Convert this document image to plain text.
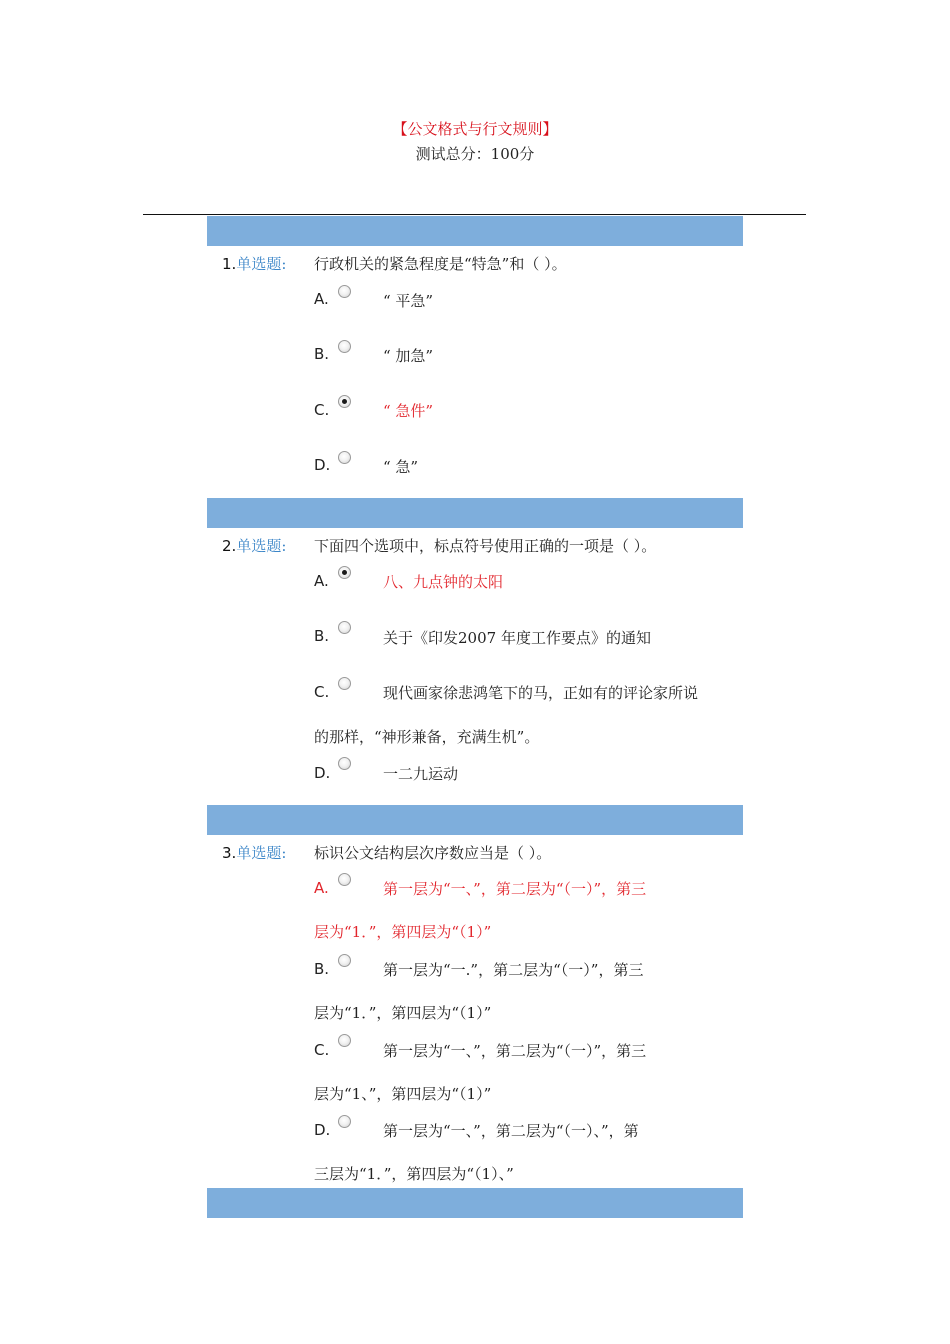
【公文格式与行文规则】
测试总分：100分
1.单选题: 行政机关的紧急程度是“特急”和（ ）。
A.	“ 平急”
B.	“ 加急”
C.	“ 急件”
D.	“ 急”
2.单选题: 下面四个选项中，标点符号使用正确的一项是（ ）。
A.	八、九点钟的太阳
B.	关于《印发2007 年度工作要点》的通知
C.	现代画家徐悲鸿笔下的马，正如有的评论家所说
的那样，“神形兼备，充满生机”。
D.	一二九运动
3.单选题: 标识公文结构层次序数应当是（ ）。
A.	第一层为“一、”，第二层为“（一）”，第三
层为“1．”，第四层为“（1）”
B.	第一层为“一.”，第二层为“（一）”，第三
层为“1．”，第四层为“（1）”
C.	第一层为“一、”，第二层为“（一）”，第三
层为“1、”，第四层为“（1）”
D.	第一层为“一、”，第二层为“（一）、”，第
三层为“1．”，第四层为“（1）、”
